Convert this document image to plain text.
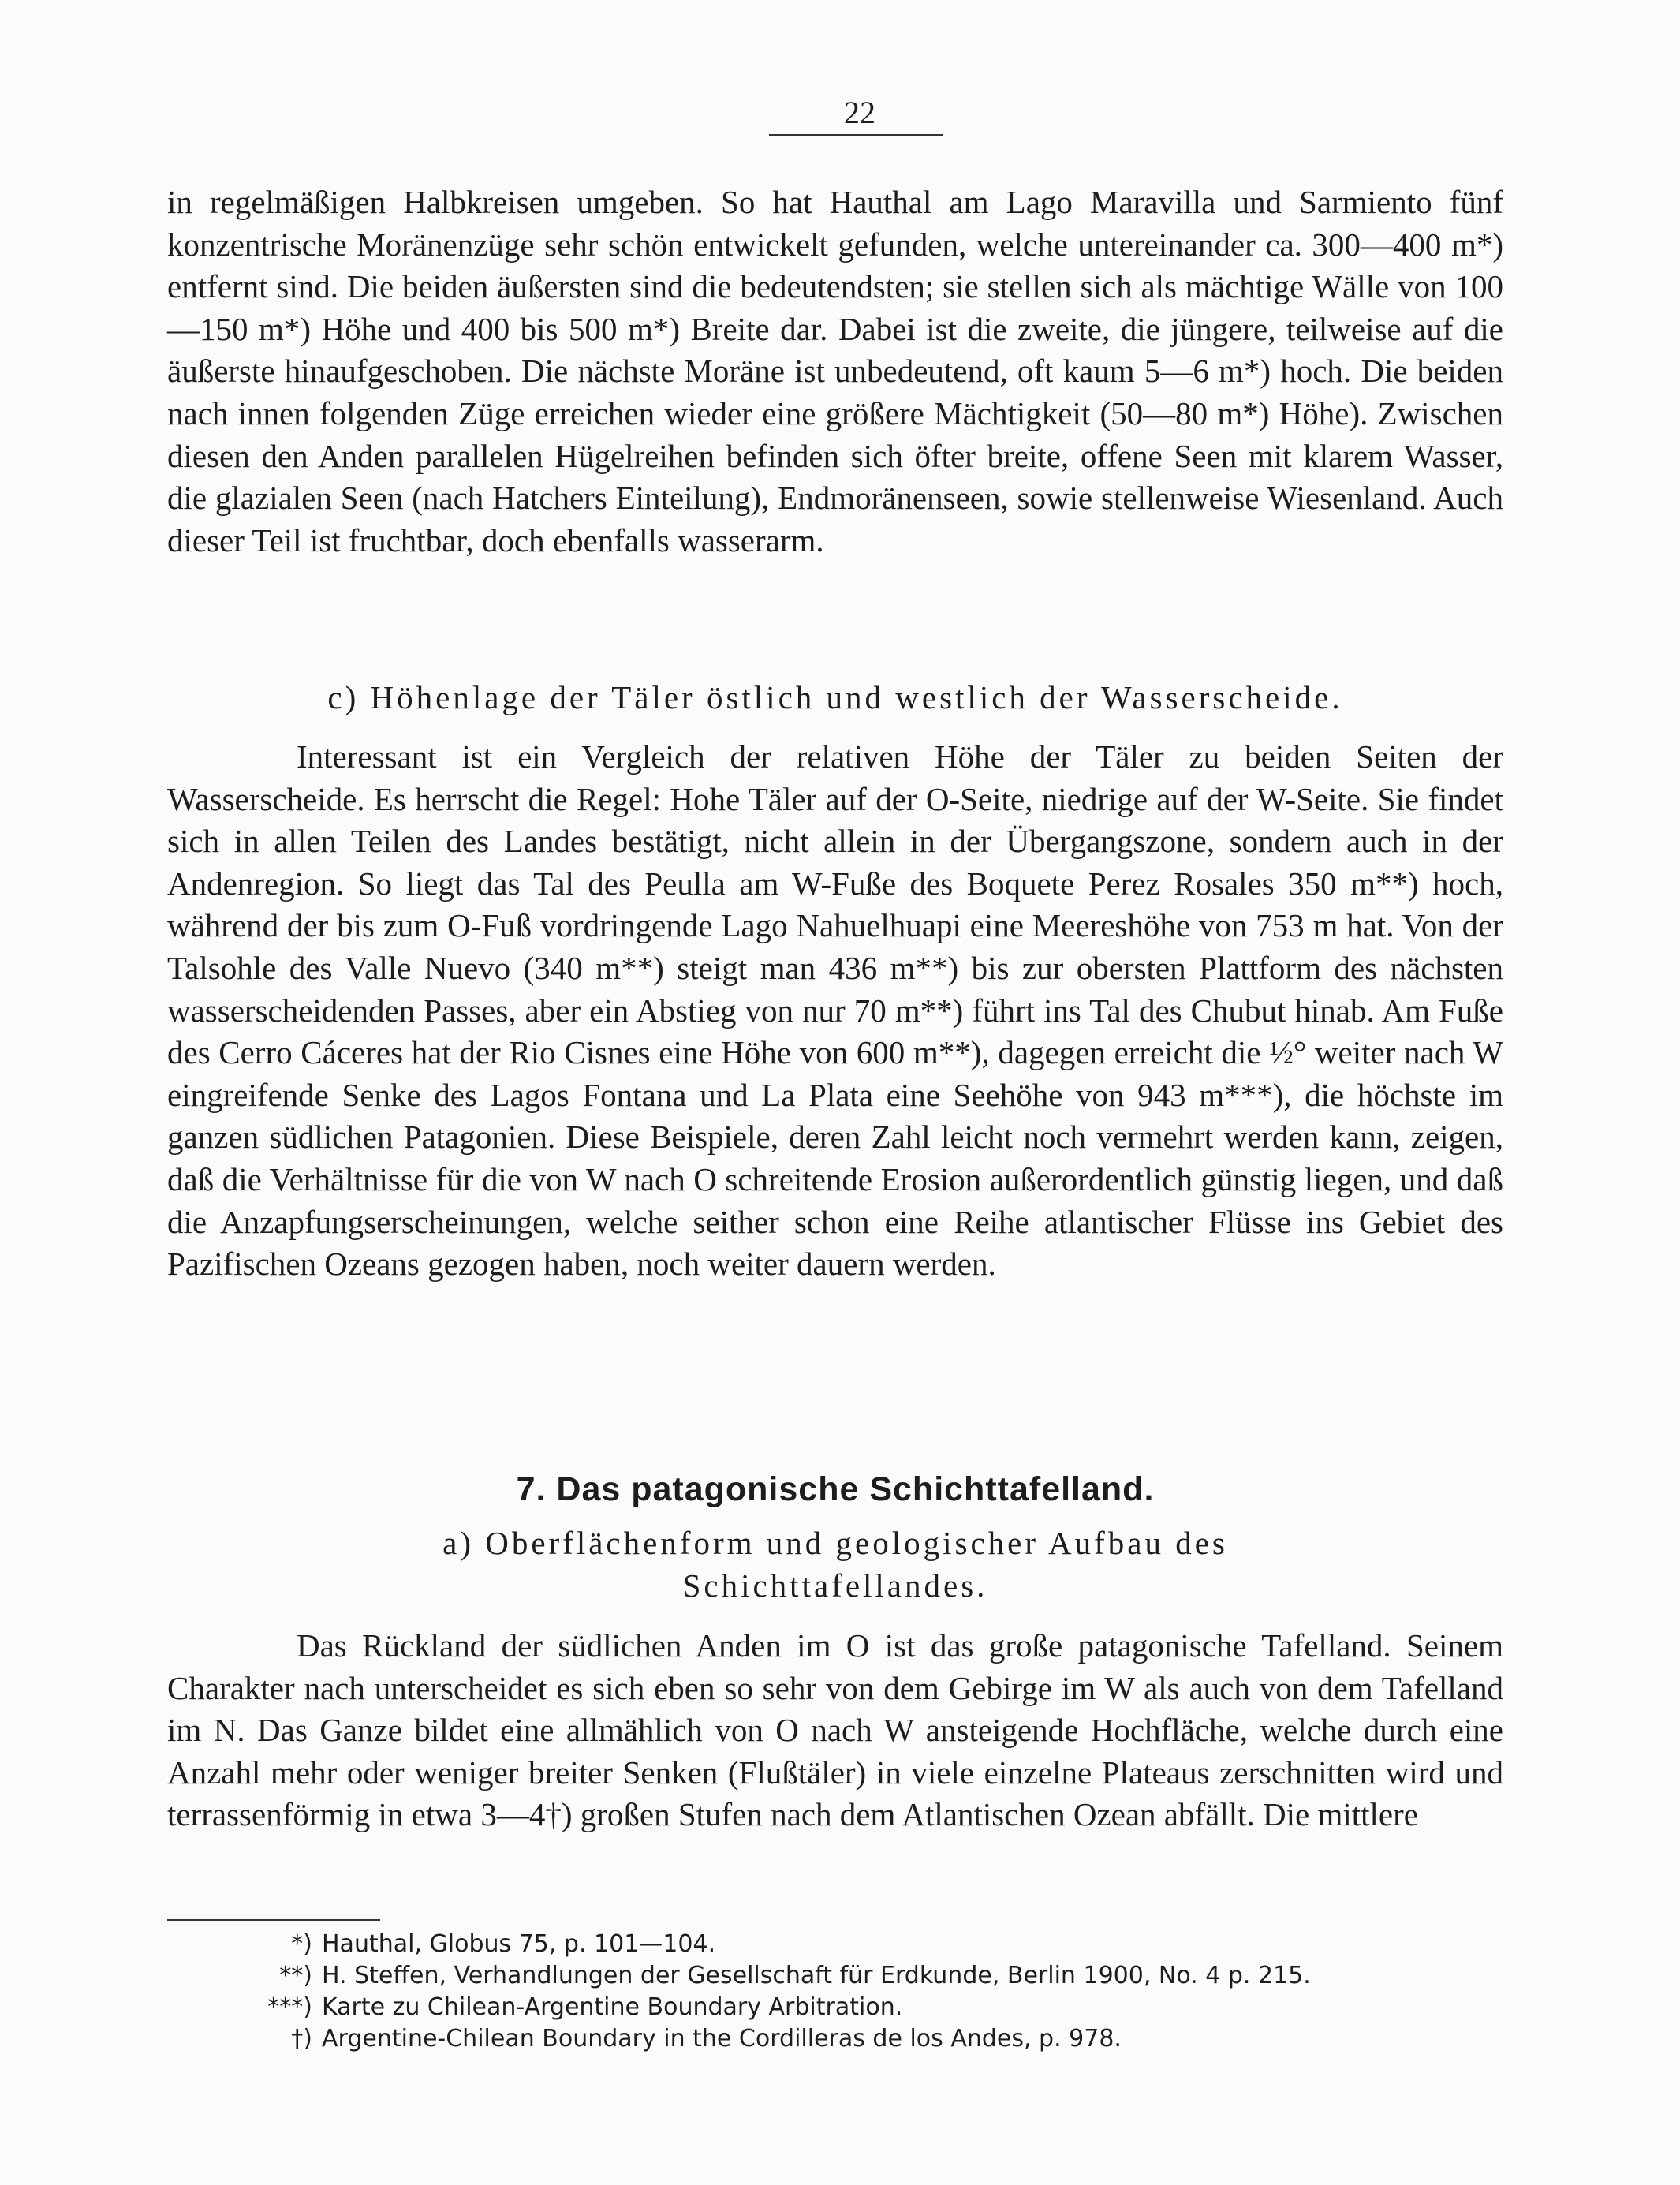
22

in regelmäßigen Halbkreisen umgeben. So hat Hauthal am Lago Maravilla und Sarmiento fünf konzentrische Moränenzüge sehr schön entwickelt gefunden, welche untereinander ca. 300—400 m*) entfernt sind. Die beiden äußersten sind die bedeutendsten; sie stellen sich als mächtige Wälle von 100—150 m*) Höhe und 400 bis 500 m*) Breite dar. Dabei ist die zweite, die jüngere, teilweise auf die äußerste hinaufgeschoben. Die nächste Moräne ist unbedeutend, oft kaum 5—6 m*) hoch. Die beiden nach innen folgenden Züge erreichen wieder eine größere Mächtigkeit (50—80 m*) Höhe). Zwischen diesen den Anden parallelen Hügelreihen befinden sich öfter breite, offene Seen mit klarem Wasser, die glazialen Seen (nach Hatchers Einteilung), Endmoränenseen, sowie stellenweise Wiesenland. Auch dieser Teil ist fruchtbar, doch ebenfalls wasserarm.

c) Höhenlage der Täler östlich und westlich der Wasserscheide.

Interessant ist ein Vergleich der relativen Höhe der Täler zu beiden Seiten der Wasserscheide. Es herrscht die Regel: Hohe Täler auf der O-Seite, niedrige auf der W-Seite. Sie findet sich in allen Teilen des Landes bestätigt, nicht allein in der Übergangszone, sondern auch in der Andenregion. So liegt das Tal des Peulla am W-Fuße des Boquete Perez Rosales 350 m**) hoch, während der bis zum O-Fuß vordringende Lago Nahuelhuapi eine Meereshöhe von 753 m hat. Von der Talsohle des Valle Nuevo (340 m**) steigt man 436 m**) bis zur obersten Plattform des nächsten wasserscheidenden Passes, aber ein Abstieg von nur 70 m**) führt ins Tal des Chubut hinab. Am Fuße des Cerro Cáceres hat der Rio Cisnes eine Höhe von 600 m**), dagegen erreicht die ½° weiter nach W eingreifende Senke des Lagos Fontana und La Plata eine Seehöhe von 943 m***), die höchste im ganzen südlichen Patagonien. Diese Beispiele, deren Zahl leicht noch vermehrt werden kann, zeigen, daß die Verhältnisse für die von W nach O schreitende Erosion außerordentlich günstig liegen, und daß die Anzapfungserscheinungen, welche seither schon eine Reihe atlantischer Flüsse ins Gebiet des Pazifischen Ozeans gezogen haben, noch weiter dauern werden.

7. Das patagonische Schichttafelland.
a) Oberflächenform und geologischer Aufbau des
Schichttafellandes.

Das Rückland der südlichen Anden im O ist das große patagonische Tafelland. Seinem Charakter nach unterscheidet es sich eben so sehr von dem Gebirge im W als auch von dem Tafelland im N. Das Ganze bildet eine allmählich von O nach W ansteigende Hochfläche, welche durch eine Anzahl mehr oder weniger breiter Senken (Flußtäler) in viele einzelne Plateaus zerschnitten wird und terrassenförmig in etwa 3—4†) großen Stufen nach dem Atlantischen Ozean abfällt. Die mittlere

*) Hauthal, Globus 75, p. 101—104.
**) H. Steffen, Verhandlungen der Gesellschaft für Erdkunde, Berlin 1900, No. 4 p. 215.
***) Karte zu Chilean-Argentine Boundary Arbitration.
†) Argentine-Chilean Boundary in the Cordilleras de los Andes, p. 978.
